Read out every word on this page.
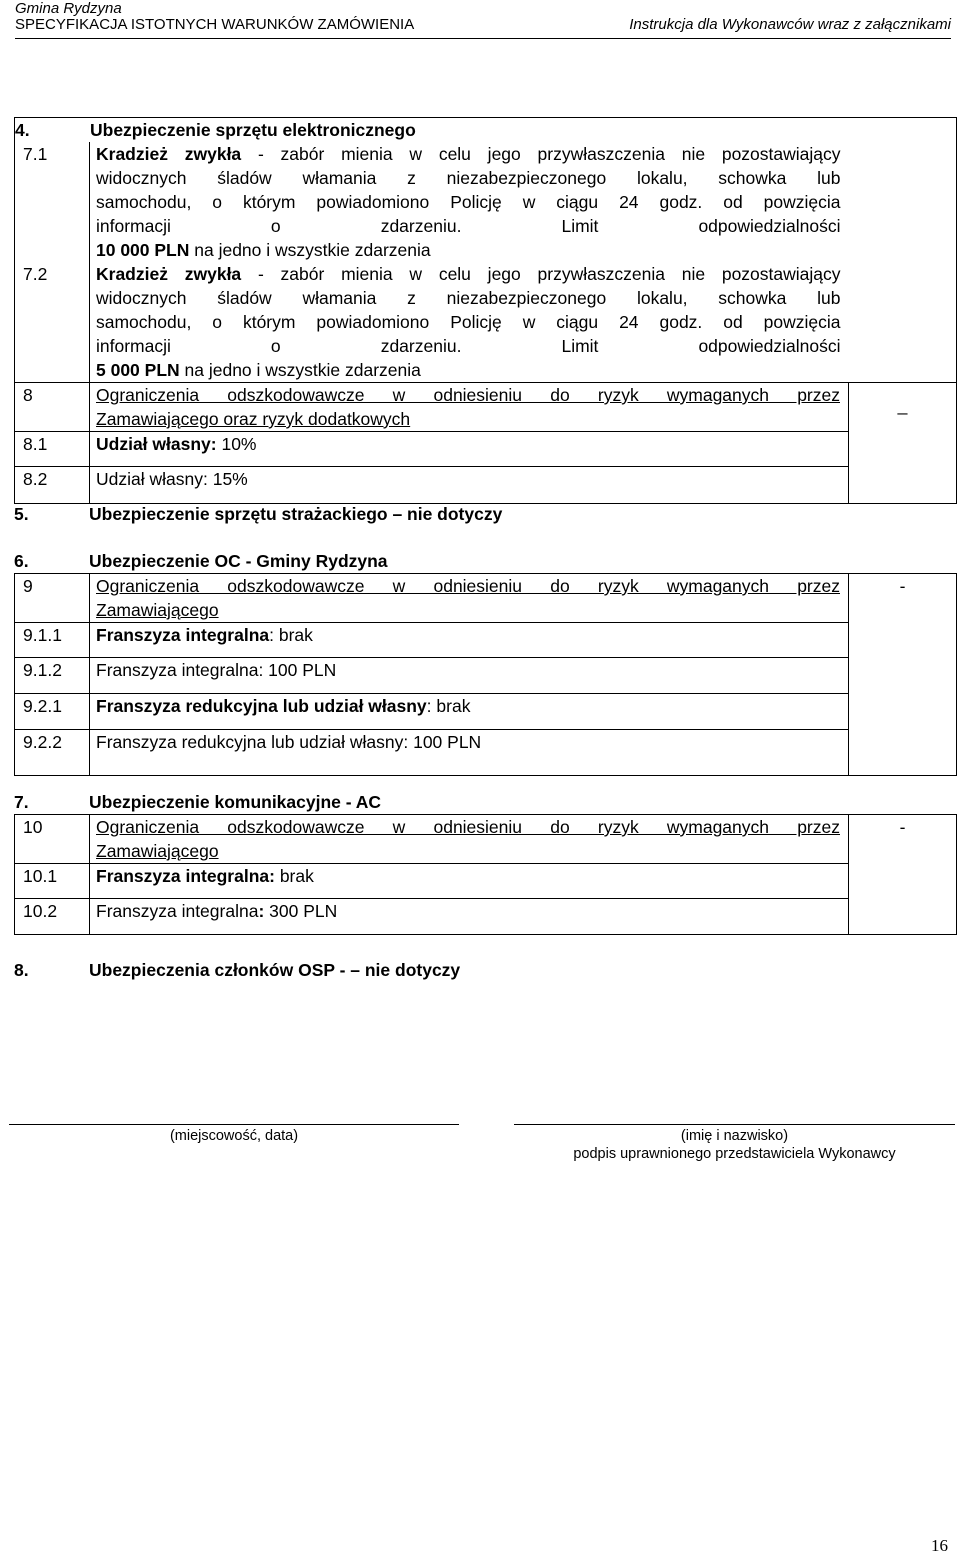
Gmina Rydzyna
SPECYFIKACJA ISTOTNYCH WARUNKÓW ZAMÓWIENIA	Instrukcja dla Wykonawców wraz z załącznikami
4. Ubezpieczenie sprzętu elektronicznego		
7.1	Kradzież zwykła - zabór mienia w celu jego przywłaszczenia nie pozostawiający
widocznych śladów włamania z niezabezpieczonego lokalu, schowka lub
samochodu, o którym powiadomiono Policję w ciągu 24 godz. od powzięcia
informacji o zdarzeniu. Limit odpowiedzialności
10 000 PLN na jedno i wszystkie zdarzenia	

7.2	Kradzież zwykła - zabór mienia w celu jego przywłaszczenia nie pozostawiający
widocznych śladów włamania z niezabezpieczonego lokalu, schowka lub
samochodu, o którym powiadomiono Policję w ciągu 24 godz. od powzięcia
informacji o zdarzeniu. Limit odpowiedzialności
5 000 PLN na jedno i wszystkie zdarzenia	

8	Ograniczenia odszkodowawcze w odniesieniu do ryzyk wymaganych przez
Zamawiającego oraz ryzyk dodatkowych	_
8.1	Udział własny: 10%	
8.2	Udział własny: 15%	
5.	Ubezpieczenie sprzętu strażackiego – nie dotyczy
6.	Ubezpieczenie OC - Gminy Rydzyna
9	Ograniczenia odszkodowawcze w odniesieniu do ryzyk wymaganych przez
Zamawiającego	-
9.1.1	Franszyza integralna: brak	
9.1.2	Franszyza integralna: 100 PLN	
9.2.1	Franszyza redukcyjna lub udział własny: brak	
9.2.2	Franszyza redukcyjna lub udział własny: 100 PLN	
7.	Ubezpieczenie komunikacyjne - AC
10	Ograniczenia odszkodowawcze w odniesieniu do ryzyk wymaganych przez
Zamawiającego	-
10.1	Franszyza integralna: brak	
10.2	Franszyza integralna: 300 PLN	
8.	Ubezpieczenia członków OSP - – nie dotyczy
(miejscowość, data)	(imię i nazwisko)
podpis uprawnionego przedstawiciela Wykonawcy
16
